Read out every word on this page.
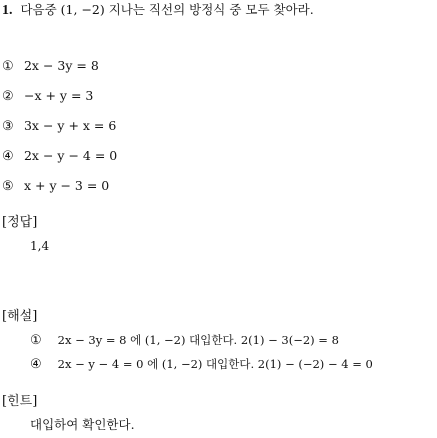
1. 다음중 (1, −2) 지나는 직선의 방정식 중 모두 찾아라.
① 2x − 3y = 8
② −x + y = 3
③ 3x − y + x = 6
④ 2x − y − 4 = 0
⑤ x + y − 3 = 0
[정답]
1,4
[해설]
① 2x − 3y = 8 에 (1, −2) 대입한다. 2(1) − 3(−2) = 8
④ 2x − y − 4 = 0 에 (1, −2) 대입한다. 2(1) − (−2) − 4 = 0
[힌트]
대입하여 확인한다.
